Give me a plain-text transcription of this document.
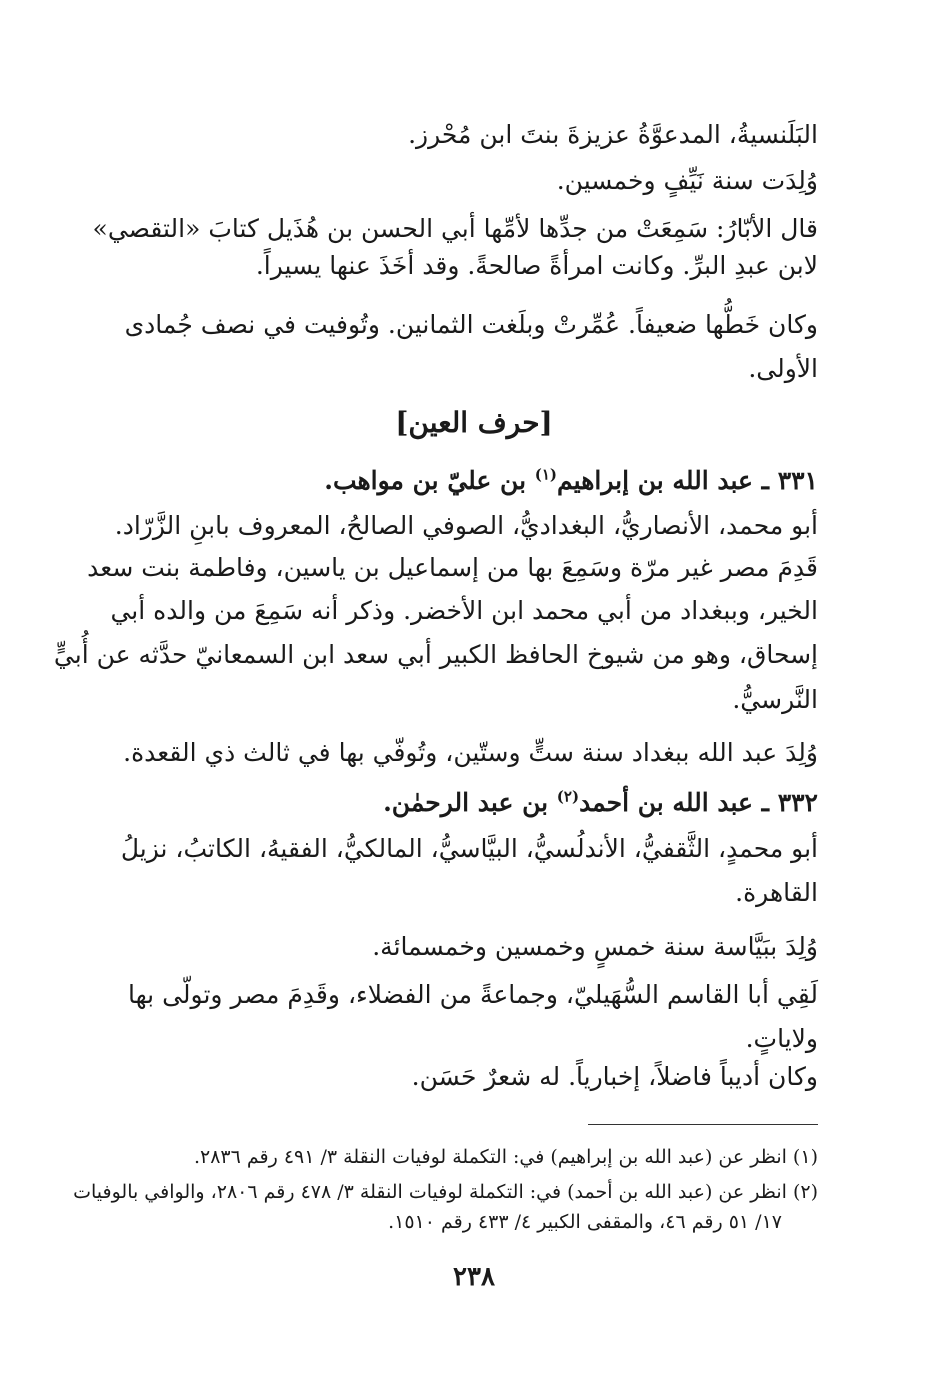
البَلَنسيةُ، المدعوَّةُ عزيزةَ بنتَ ابن مُحْرز.
وُلِدَت سنة نَيِّفٍ وخمسين.
قال الأبّارُ: سَمِعَتْ من جدِّها لأمِّها أبي الحسن بن هُذَيل كتابَ «التقصي»
لابن عبدِ البرِّ. وكانت امرأةً صالحةً. وقد أخَذَ عنها يسيراً.
وكان خَطُّها ضعيفاً. عُمِّرتْ وبلَغت الثمانين. وتُوفيت في نصف جُمادى
الأولى.
[حرف العين]
٣٣١ ـ عبد الله بن إبراهيم$^{(١)}$ بن عليّ بن مواهب.
أبو محمد، الأنصاريُّ، البغداديُّ، الصوفي الصالحُ، المعروف بابنِ الزَّرّاد.
قَدِمَ مصر غير مرّة وسَمِعَ بها من إسماعيل بن ياسين، وفاطمة بنت سعد
الخير، وببغداد من أبي محمد ابن الأخضر. وذكر أنه سَمِعَ من والده أبي
إسحاق، وهو من شيوخ الحافظ الكبير أبي سعد ابن السمعانيّ حدَّثه عن أُبيٍّ
النَّرسيُّ.
وُلِدَ عبد الله ببغداد سنة ستٍّ وستّين، وتُوفّي بها في ثالث ذي القعدة.
٣٣٢ ـ عبد الله بن أحمد$^{(٢)}$ بن عبد الرحمٰن.
أبو محمدٍ، الثَّقفيُّ، الأندلُسيُّ، البيَّاسيُّ، المالكيُّ، الفقيهُ، الكاتبُ، نزيلُ
القاهرة.
وُلِدَ ببَيَّاسة سنة خمسٍ وخمسين وخمسمائة.
لَقِي أبا القاسم السُّهَيليّ، وجماعةً من الفضلاء، وقَدِمَ مصر وتولّى بها
ولاياتٍ.
وكان أديباً فاضلاً، إخبارياً. له شعرٌ حَسَن.
(١) انظر عن (عبد الله بن إبراهيم) في: التكملة لوفيات النقلة ٣/ ٤٩١ رقم ٢٨٣٦.
(٢) انظر عن (عبد الله بن أحمد) في: التكملة لوفيات النقلة ٣/ ٤٧٨ رقم ٢٨٠٦، والوافي بالوفيات
١٧/ ٥١ رقم ٤٦، والمقفى الكبير ٤/ ٤٣٣ رقم ١٥١٠.
٢٣٨
